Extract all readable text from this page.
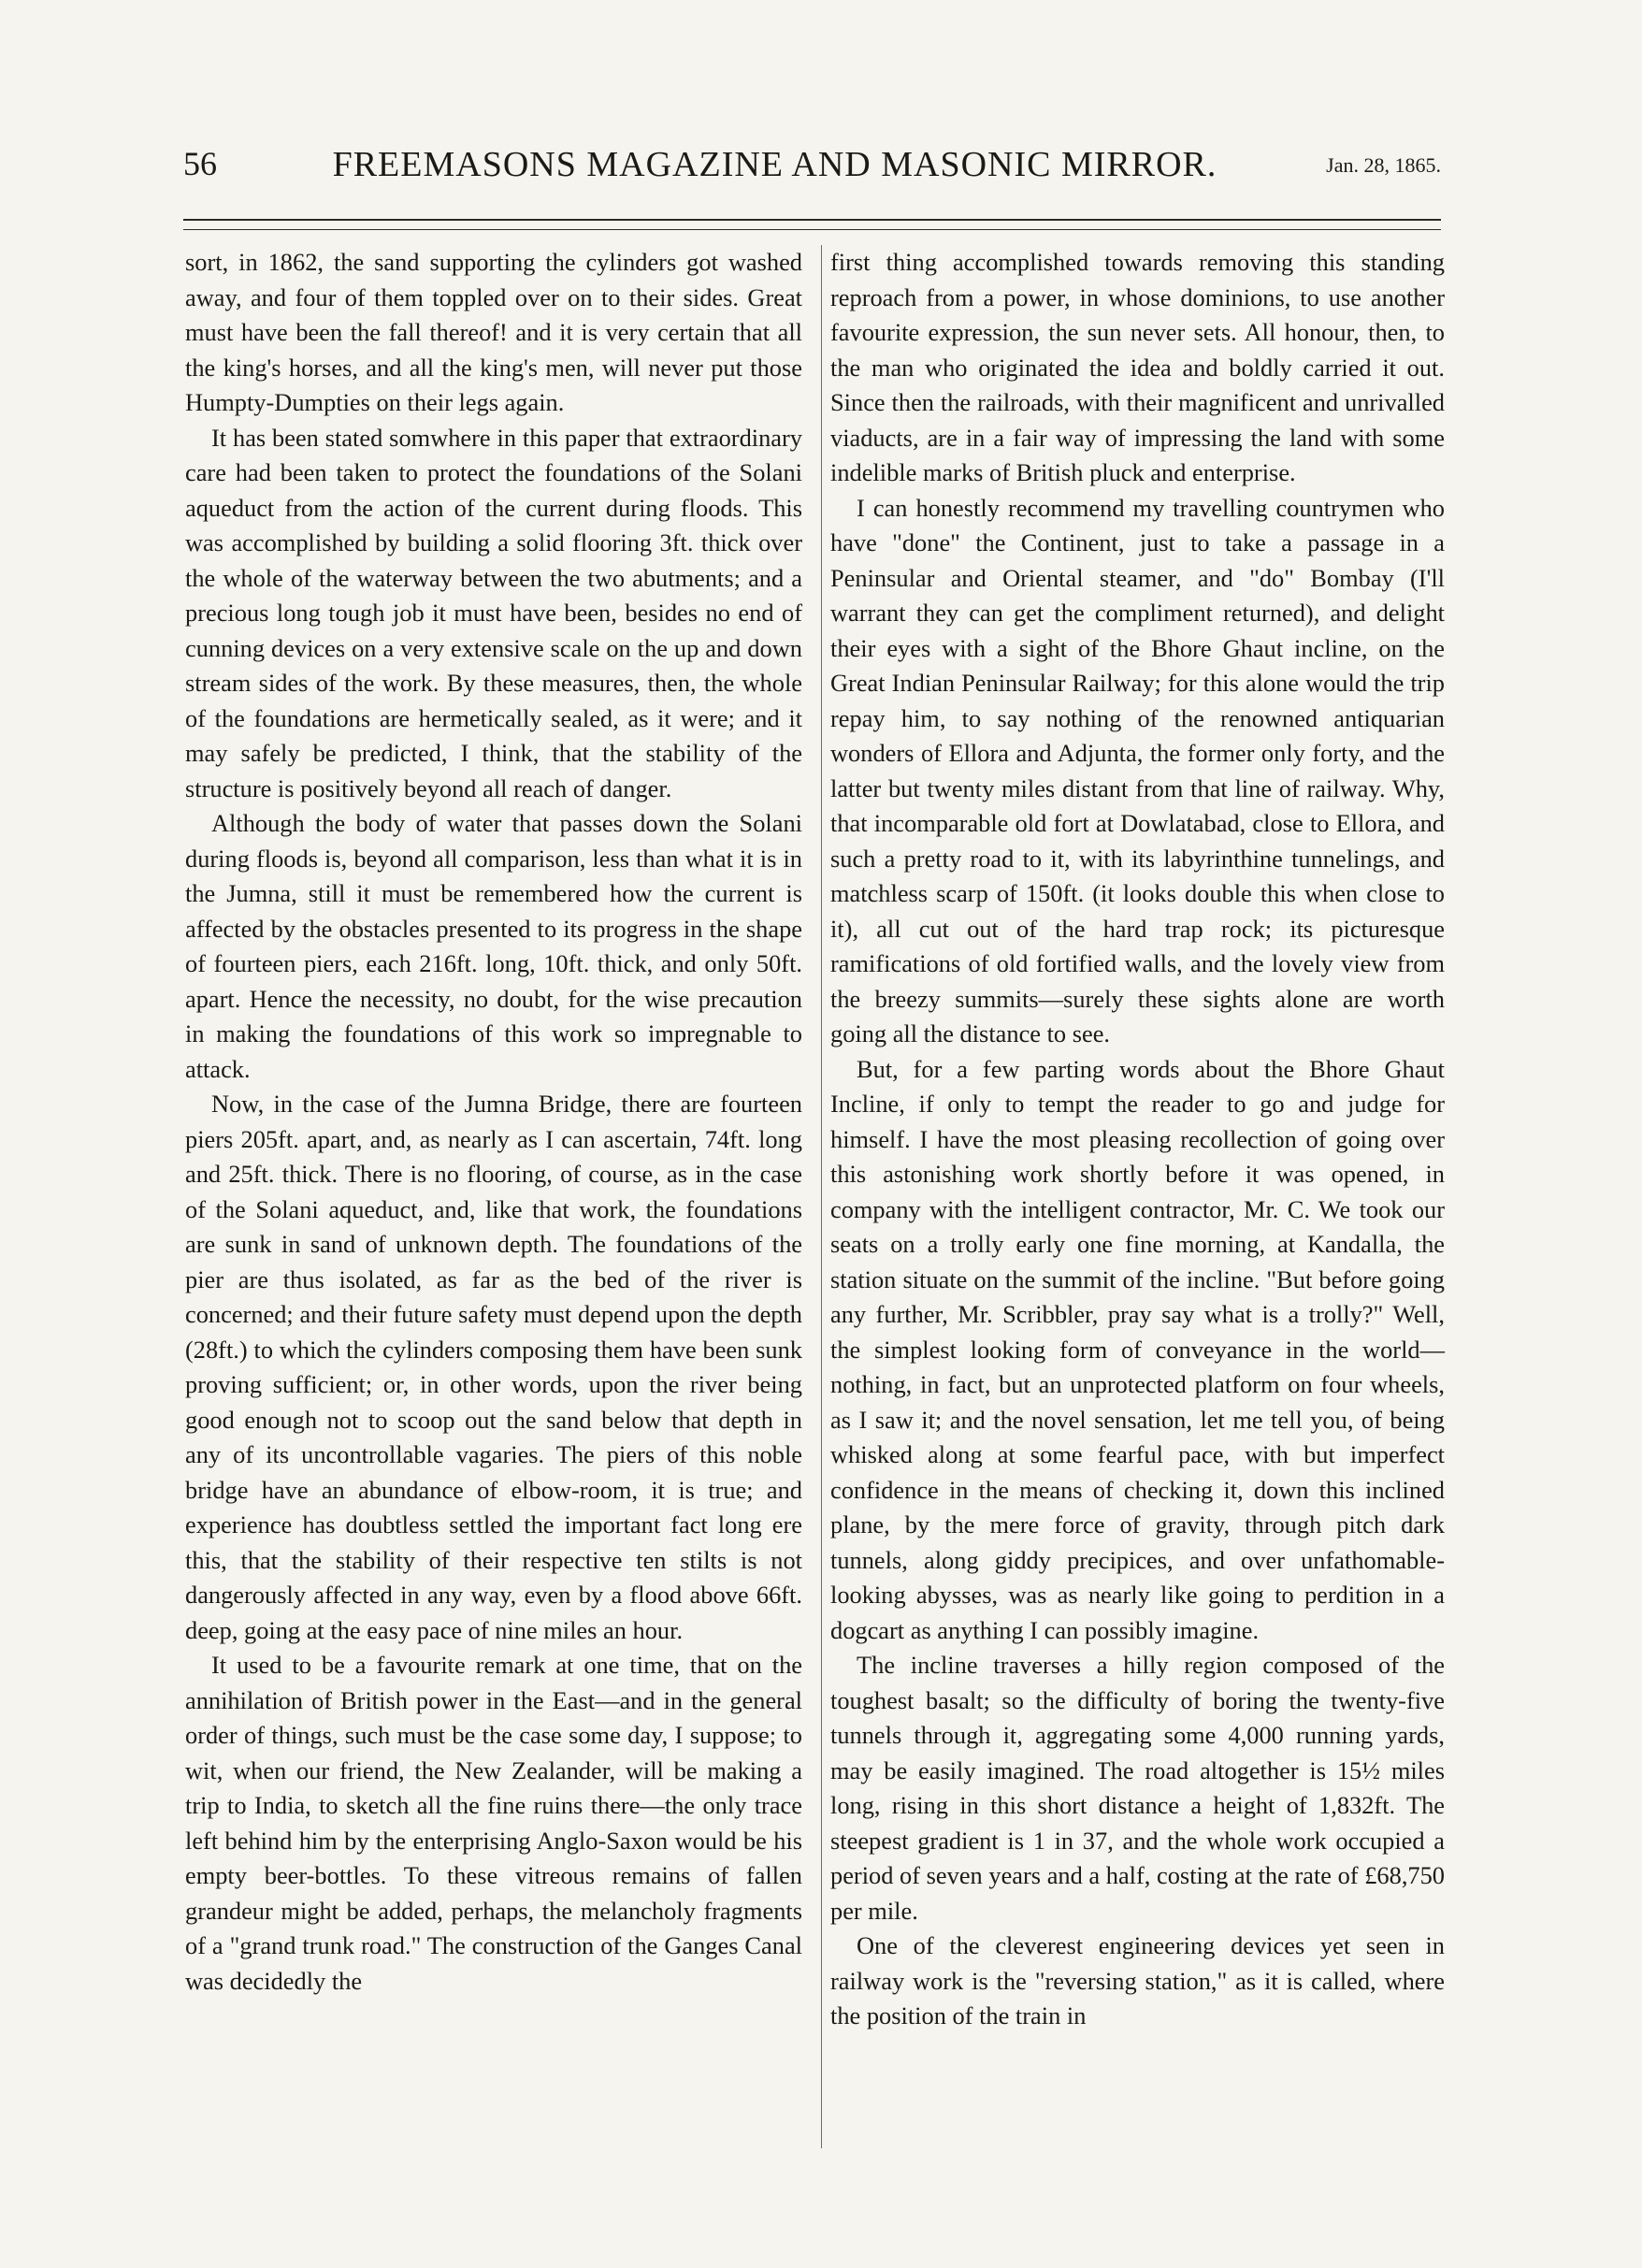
56	FREEMASONS MAGAZINE AND MASONIC MIRROR.	Jan. 28, 1865.

sort, in 1862, the sand supporting the cylinders got washed away, and four of them toppled over on to their sides. Great must have been the fall thereof! and it is very certain that all the king's horses, and all the king's men, will never put those Humpty-Dumpties on their legs again.

It has been stated somwhere in this paper that extraordinary care had been taken to protect the foundations of the Solani aqueduct from the action of the current during floods. This was accomplished by building a solid flooring 3ft. thick over the whole of the waterway between the two abutments; and a precious long tough job it must have been, besides no end of cunning devices on a very extensive scale on the up and down stream sides of the work. By these measures, then, the whole of the foundations are hermetically sealed, as it were; and it may safely be predicted, I think, that the stability of the structure is positively beyond all reach of danger.

Although the body of water that passes down the Solani during floods is, beyond all comparison, less than what it is in the Jumna, still it must be remembered how the current is affected by the obstacles presented to its progress in the shape of fourteen piers, each 216ft. long, 10ft. thick, and only 50ft. apart. Hence the necessity, no doubt, for the wise precaution in making the foundations of this work so impregnable to attack.

Now, in the case of the Jumna Bridge, there are fourteen piers 205ft. apart, and, as nearly as I can ascertain, 74ft. long and 25ft. thick. There is no flooring, of course, as in the case of the Solani aqueduct, and, like that work, the foundations are sunk in sand of unknown depth. The foundations of the pier are thus isolated, as far as the bed of the river is concerned; and their future safety must depend upon the depth (28ft.) to which the cylinders composing them have been sunk proving sufficient; or, in other words, upon the river being good enough not to scoop out the sand below that depth in any of its uncontrollable vagaries. The piers of this noble bridge have an abundance of elbow-room, it is true; and experience has doubtless settled the important fact long ere this, that the stability of their respective ten stilts is not dangerously affected in any way, even by a flood above 66ft. deep, going at the easy pace of nine miles an hour.

It used to be a favourite remark at one time, that on the annihilation of British power in the East—and in the general order of things, such must be the case some day, I suppose; to wit, when our friend, the New Zealander, will be making a trip to India, to sketch all the fine ruins there—the only trace left behind him by the enterprising Anglo-Saxon would be his empty beer-bottles. To these vitreous remains of fallen grandeur might be added, perhaps, the melancholy fragments of a "grand trunk road." The construction of the Ganges Canal was decidedly the

first thing accomplished towards removing this standing reproach from a power, in whose dominions, to use another favourite expression, the sun never sets. All honour, then, to the man who originated the idea and boldly carried it out. Since then the railroads, with their magnificent and unrivalled viaducts, are in a fair way of impressing the land with some indelible marks of British pluck and enterprise.

I can honestly recommend my travelling countrymen who have "done" the Continent, just to take a passage in a Peninsular and Oriental steamer, and "do" Bombay (I'll warrant they can get the compliment returned), and delight their eyes with a sight of the Bhore Ghaut incline, on the Great Indian Peninsular Railway; for this alone would the trip repay him, to say nothing of the renowned antiquarian wonders of Ellora and Adjunta, the former only forty, and the latter but twenty miles distant from that line of railway. Why, that incomparable old fort at Dowlatabad, close to Ellora, and such a pretty road to it, with its labyrinthine tunnelings, and matchless scarp of 150ft. (it looks double this when close to it), all cut out of the hard trap rock; its picturesque ramifications of old fortified walls, and the lovely view from the breezy summits—surely these sights alone are worth going all the distance to see.

But, for a few parting words about the Bhore Ghaut Incline, if only to tempt the reader to go and judge for himself. I have the most pleasing recollection of going over this astonishing work shortly before it was opened, in company with the intelligent contractor, Mr. C. We took our seats on a trolly early one fine morning, at Kandalla, the station situate on the summit of the incline. "But before going any further, Mr. Scribbler, pray say what is a trolly?" Well, the simplest looking form of conveyance in the world—nothing, in fact, but an unprotected platform on four wheels, as I saw it; and the novel sensation, let me tell you, of being whisked along at some fearful pace, with but imperfect confidence in the means of checking it, down this inclined plane, by the mere force of gravity, through pitch dark tunnels, along giddy precipices, and over unfathomable-looking abysses, was as nearly like going to perdition in a dogcart as anything I can possibly imagine.

The incline traverses a hilly region composed of the toughest basalt; so the difficulty of boring the twenty-five tunnels through it, aggregating some 4,000 running yards, may be easily imagined. The road altogether is 15½ miles long, rising in this short distance a height of 1,832ft. The steepest gradient is 1 in 37, and the whole work occupied a period of seven years and a half, costing at the rate of £68,750 per mile.

One of the cleverest engineering devices yet seen in railway work is the "reversing station," as it is called, where the position of the train in
